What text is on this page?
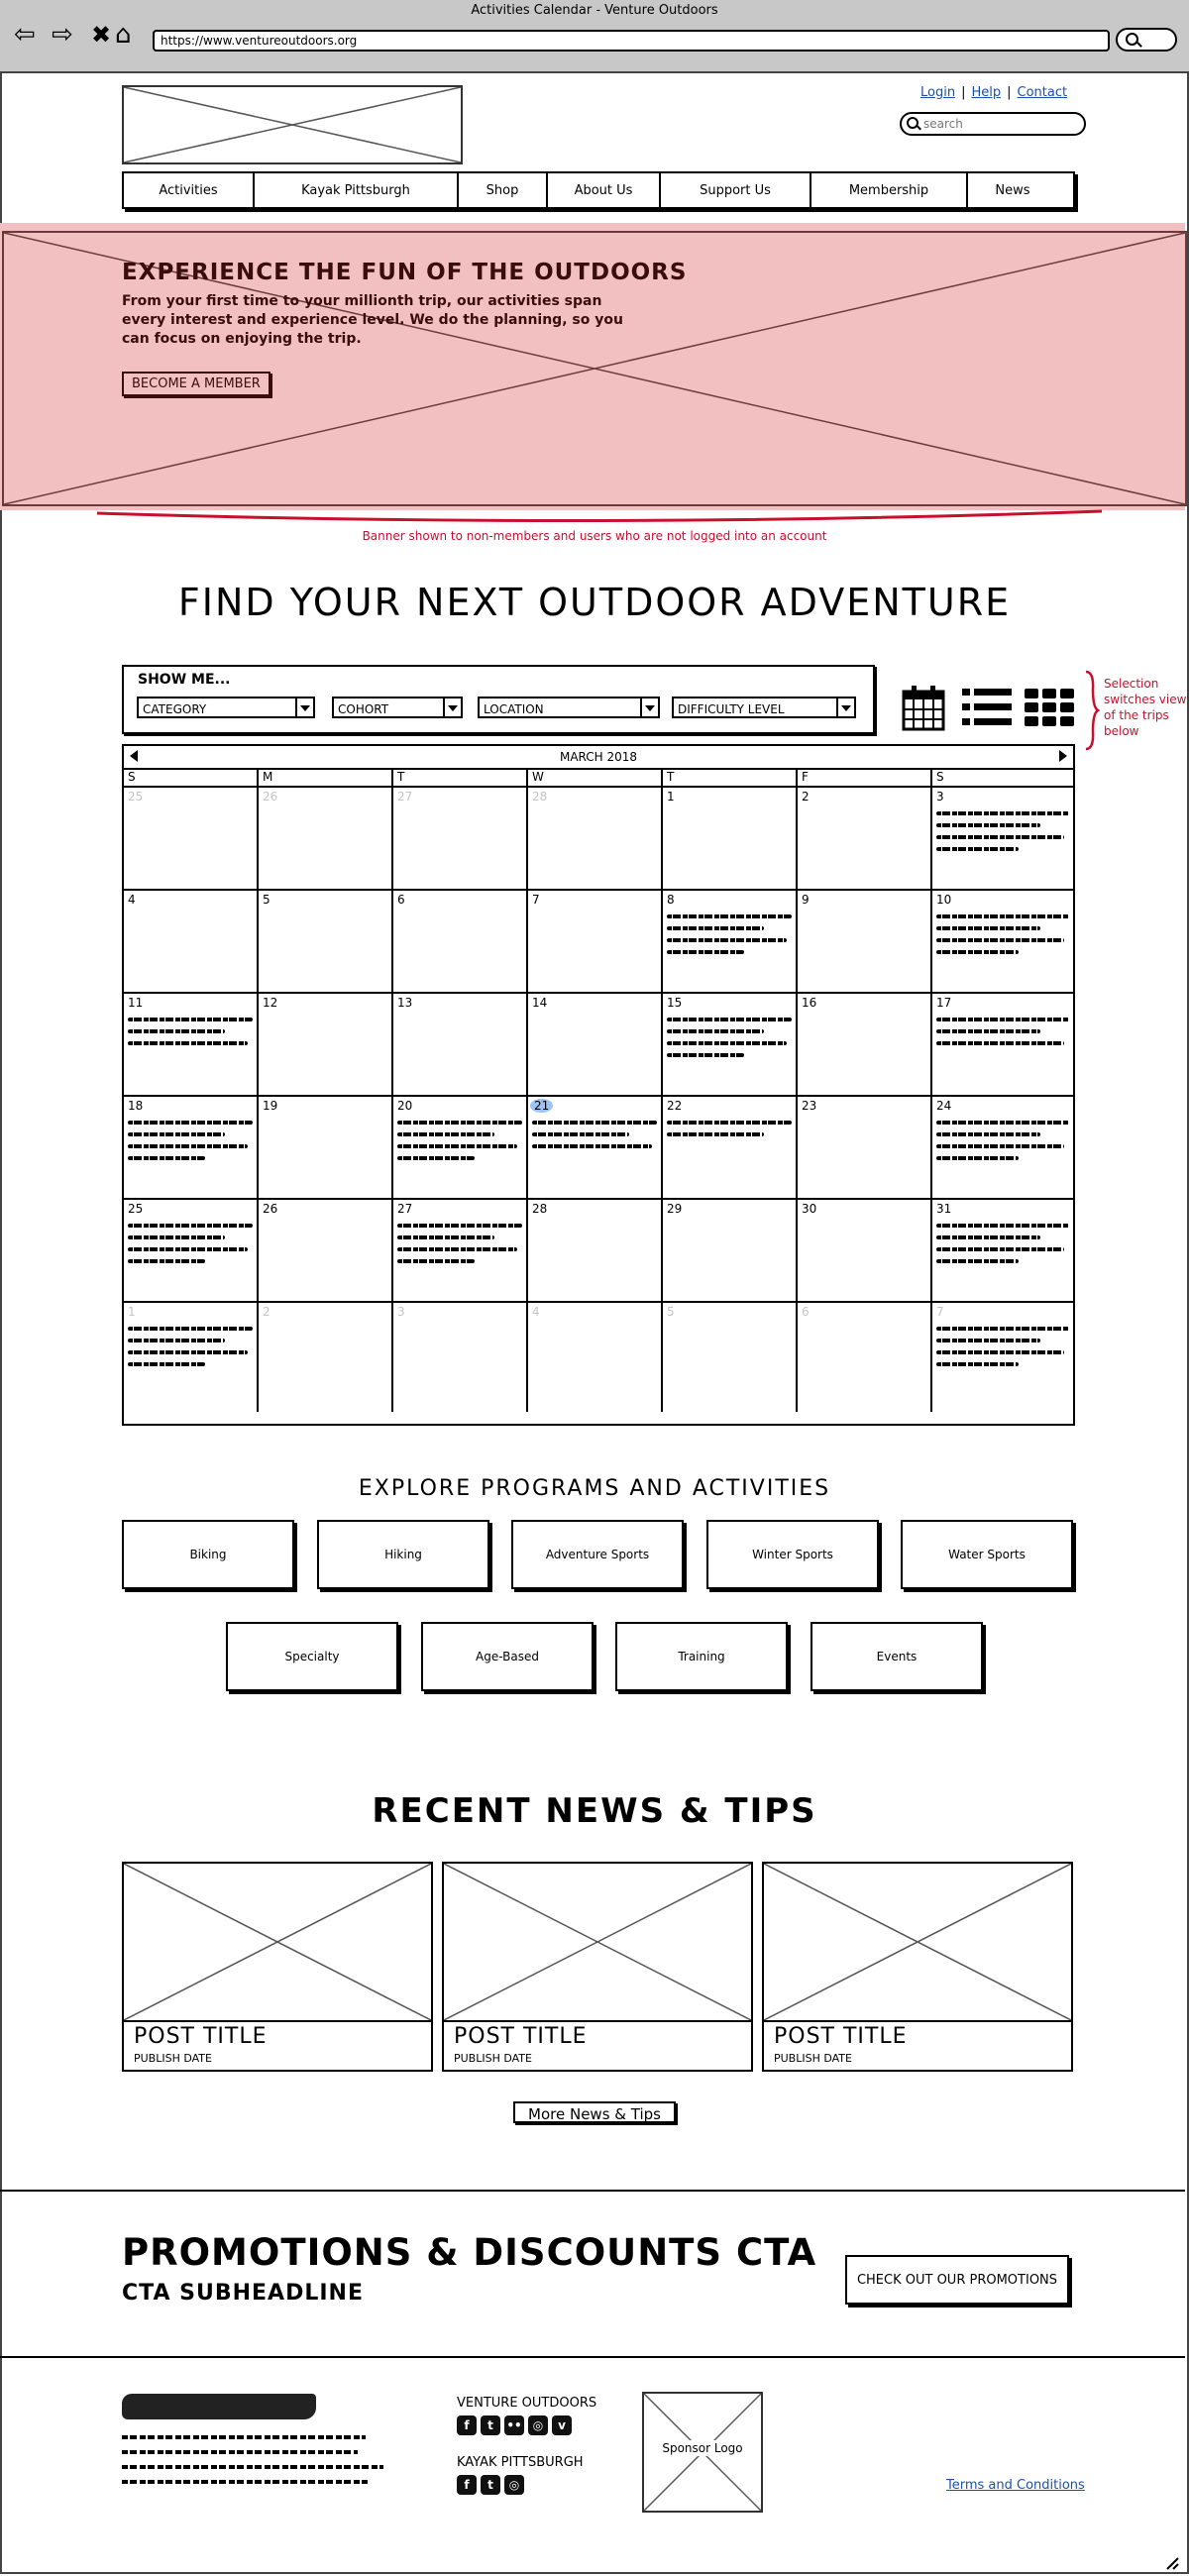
Activities Calendar - Venture Outdoors
⇦ ⇨ ✖ ⌂	https://www.ventureoutdoors.org
Login | Help | Contact
search
Activities	Kayak Pittsburgh	Shop	About Us	Support Us	Membership	News
EXPERIENCE THE FUN OF THE OUTDOORS

From your first time to your millionth trip, our activities span every interest and experience level. We do the planning, so you can focus on enjoying the trip.

BECOME A MEMBER
Banner shown to non-members and users who are not logged into an account
FIND YOUR NEXT OUTDOOR ADVENTURE
SHOW ME...
CATEGORY	COHORT	LOCATION	DIFFICULTY LEVEL
Selection switches view of the trips below
MARCH 2018
S	M	T	W	T	F	S
25	26	27	28	1	2	3
4	5	6	7	8	9	10
11	12	13	14	15	16	17
18	19	20	21	22	23	24
25	26	27	28	29	30	31
1	2	3	4	5	6	7
EXPLORE PROGRAMS AND ACTIVITIES
Biking	Hiking	Adventure Sports	Winter Sports	Water Sports
Specialty	Age-Based	Training	Events
RECENT NEWS & TIPS
POST TITLE
PUBLISH DATE
POST TITLE
PUBLISH DATE
POST TITLE
PUBLISH DATE
More News & Tips
PROMOTIONS & DISCOUNTS CTA
CTA SUBHEADLINE
CHECK OUT OUR PROMOTIONS
VENTURE OUTDOORS
f	t	•• ◎	v
KAYAK PITTSBURGH
f	t	◎
Sponsor Logo
Terms and Conditions
